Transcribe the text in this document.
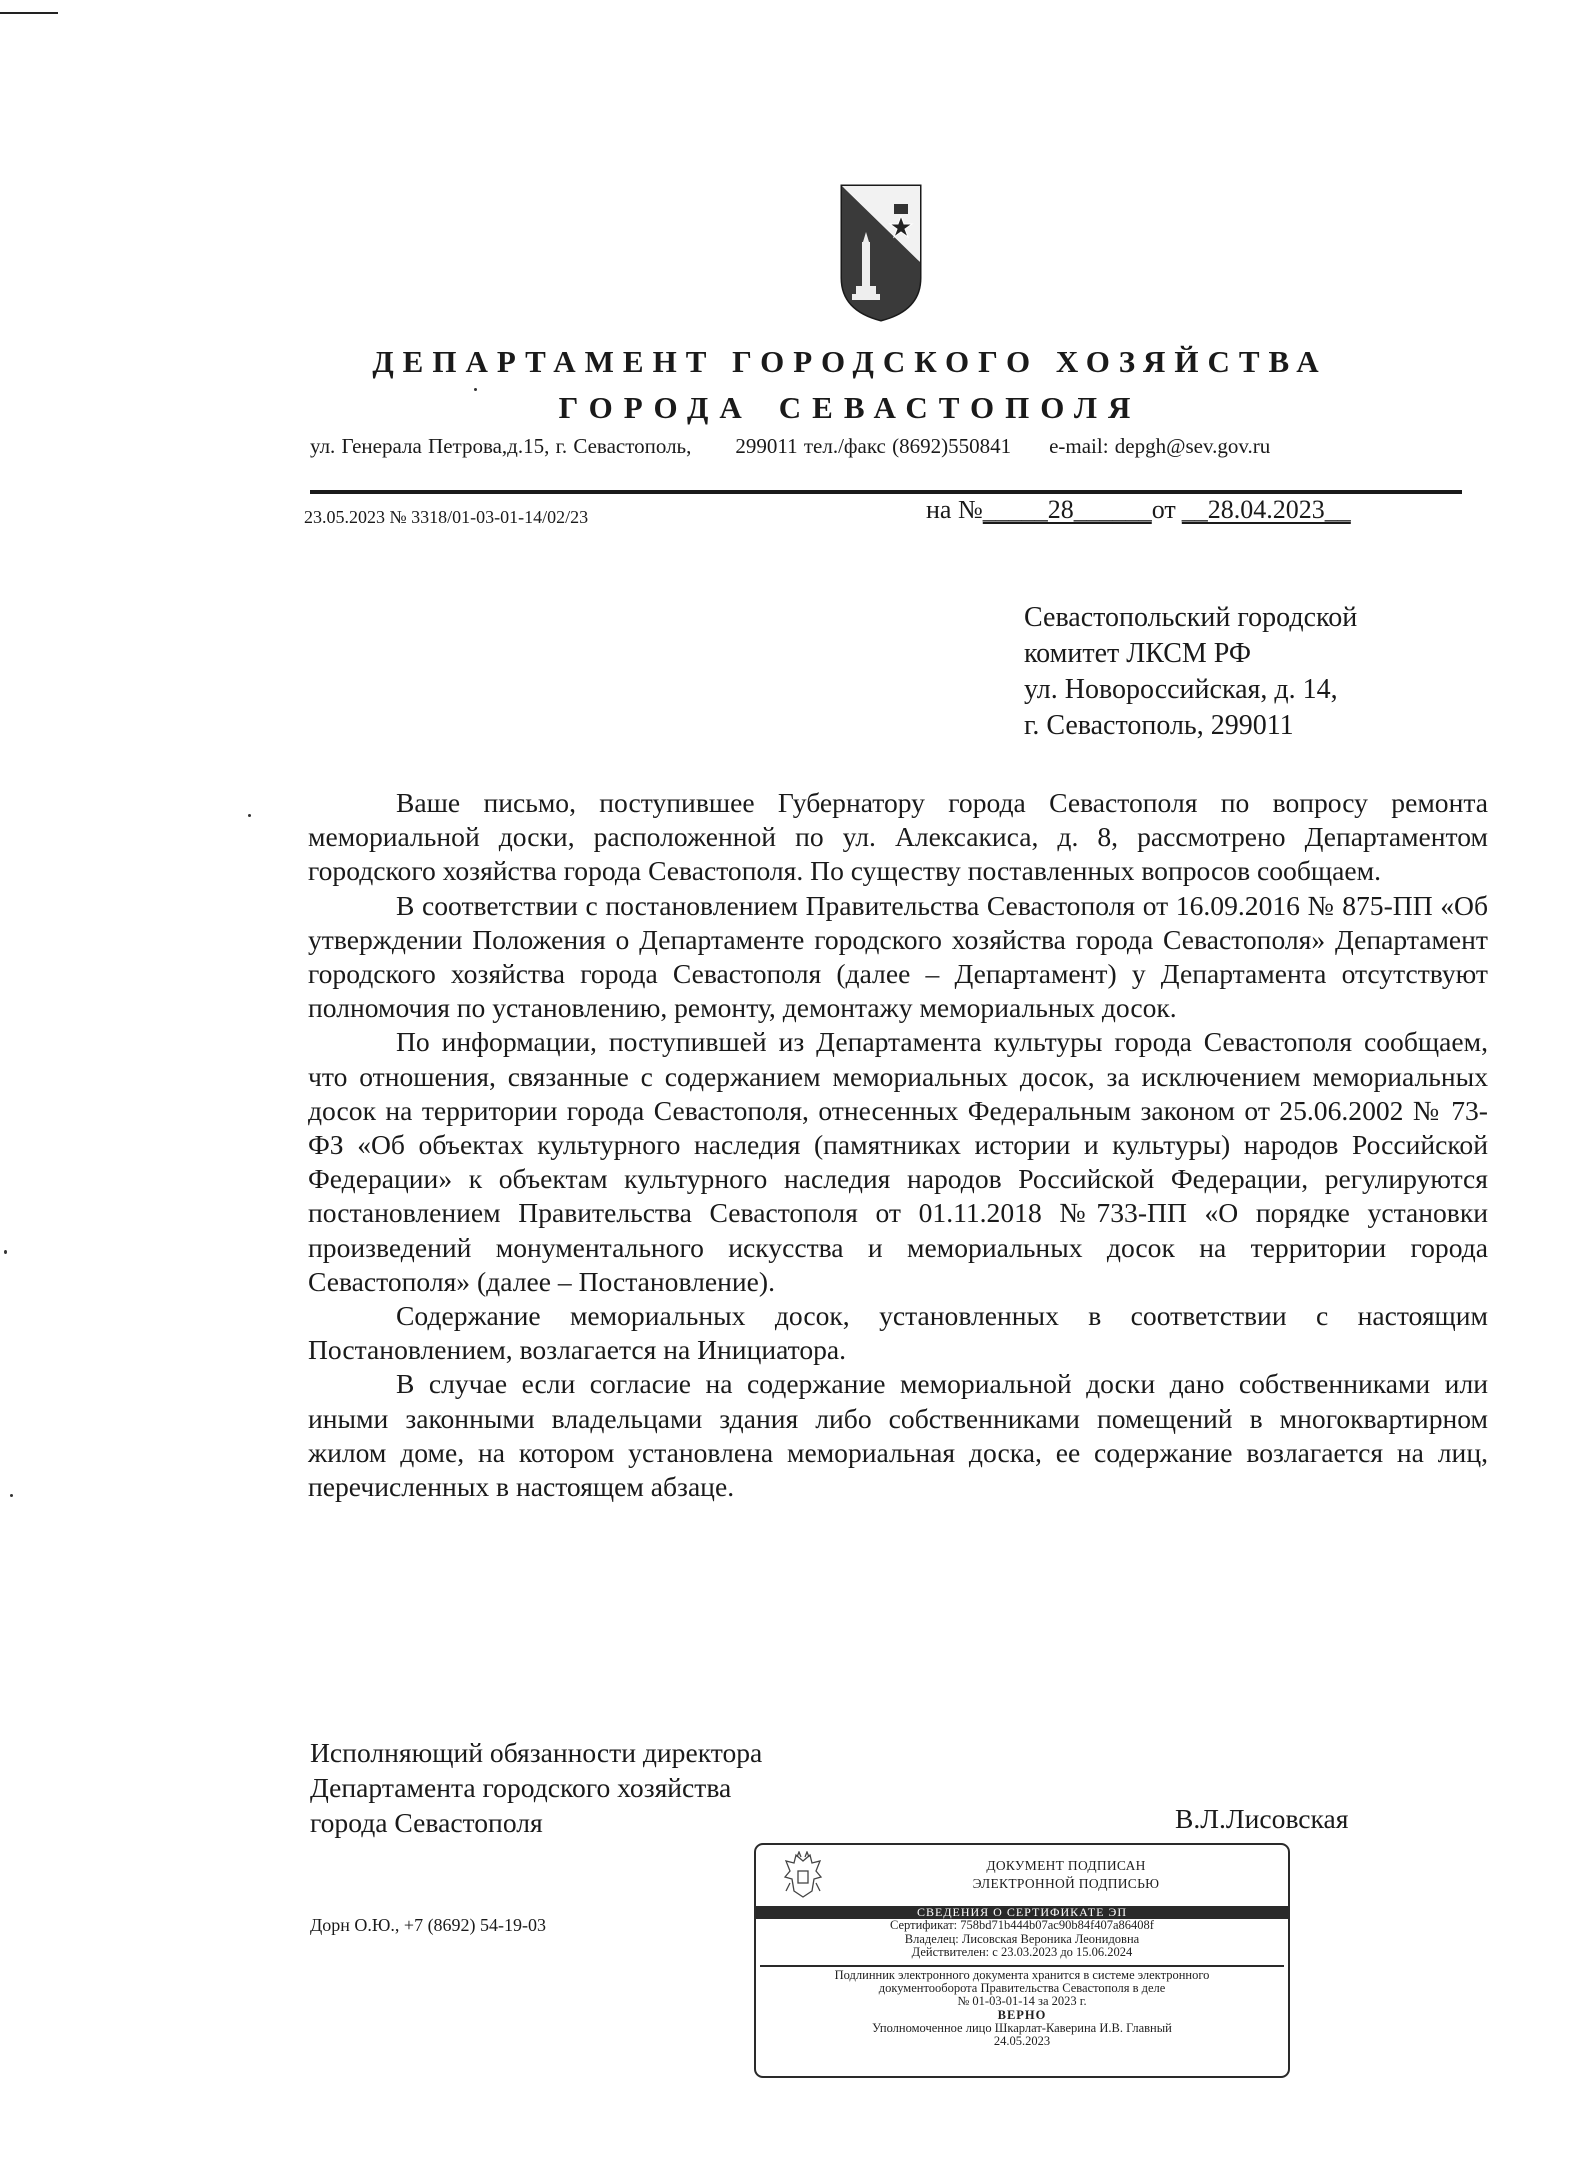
ДЕПАРТАМЕНТ ГОРОДСКОГО ХОЗЯЙСТВА
ГОРОДА СЕВАСТОПОЛЯ
ул. Генерала Петрова,д.15, г. Севастополь, 299011 тел./факс (8692)550841 e-mail: depgh@sev.gov.ru
23.05.2023 № 3318/01-03-01-14/02/23	на №_____28______от __28.04.2023__
Севастопольский городской
комитет ЛКСМ РФ
ул. Новороссийская, д. 14,
г. Севастополь, 299011

Ваше письмо, поступившее Губернатору города Севастополя по вопросу ремонта мемориальной доски, расположенной по ул. Алексакиса, д. 8, рассмотрено Департаментом городского хозяйства города Севастополя. По существу поставленных вопросов сообщаем.

В соответствии с постановлением Правительства Севастополя от 16.09.2016 № 875-ПП «Об утверждении Положения о Департаменте городского хозяйства города Севастополя» Департамент городского хозяйства города Севастополя (далее – Департамент) у Департамента отсутствуют полномочия по установлению, ремонту, демонтажу мемориальных досок.

По информации, поступившей из Департамента культуры города Севастополя сообщаем, что отношения, связанные с содержанием мемориальных досок, за исключением мемориальных досок на территории города Севастополя, отнесенных Федеральным законом от 25.06.2002 № 73-ФЗ «Об объектах культурного наследия (памятниках истории и культуры) народов Российской Федерации» к объектам культурного наследия народов Российской Федерации, регулируются постановлением Правительства Севастополя от 01.11.2018 №733-ПП «О порядке установки произведений монументального искусства и мемориальных досок на территории города Севастополя» (далее – Постановление).

Содержание мемориальных досок, установленных в соответствии с настоящим Постановлением, возлагается на Инициатора.

В случае если согласие на содержание мемориальной доски дано собственниками или иными законными владельцами здания либо собственниками помещений в многоквартирном жилом доме, на котором установлена мемориальная доска, ее содержание возлагается на лиц, перечисленных в настоящем абзаце.

Исполняющий обязанности директора
Департамента городского хозяйства
города Севастополя	В.Л.Лисовская
Дорн О.Ю., +7 (8692) 54-19-03
ДОКУМЕНТ ПОДПИСАН
ЭЛЕКТРОННОЙ ПОДПИСЬЮ
СВЕДЕНИЯ О СЕРТИФИКАТЕ ЭП
Сертификат: 758bd71b444b07ac90b84f407a86408f
Владелец: Лисовская Вероника Леонидовна
Действителен: с 23.03.2023 до 15.06.2024
Подлинник электронного документа хранится в системе электронного
документооборота Правительства Севастополя в деле
№ 01-03-01-14 за 2023 г.
ВЕРНО
Уполномоченное лицо Шкарлат-Каверина И.В. Главный
24.05.2023
